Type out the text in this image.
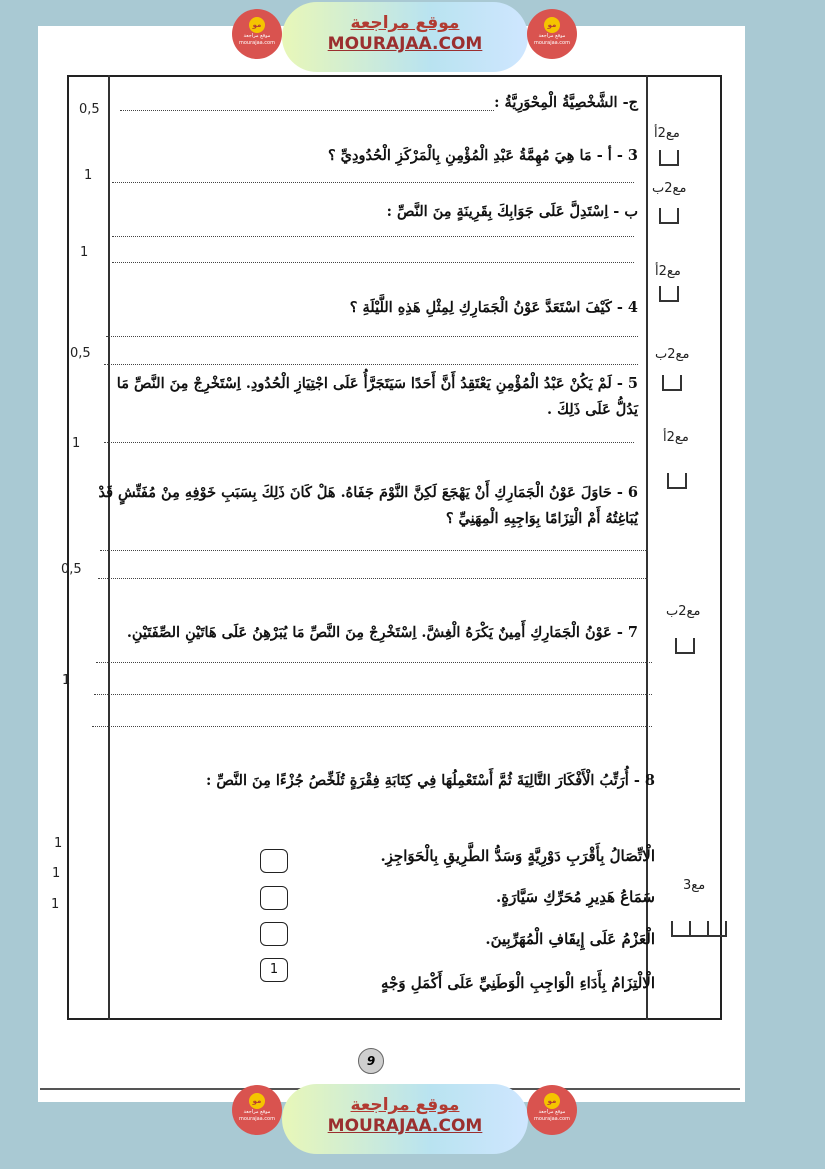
مو
موقع مراجعة
mourajaa.com
موقع مراجعة
MOURAJAA.COM
مو
موقع مراجعة
mourajaa.com
0,5
1
1
0,5
1
0,5
1
1
1
1
مع2أ
مع2ب
مع2أ
مع2ب
مع2أ
مع2ب
مع3
ج- الشَّخْصِيَّةُ الْمِحْوَرِيَّةُ :
3 - أ - مَا هِيَ مُهِمَّةُ عَبْدِ الْمُؤْمِنِ بِالْمَرْكَزِ الْحُدُودِيِّ ؟
ب - اِسْتَدِلَّ عَلَى جَوَابِكَ بِقَرِينَةٍ مِنَ النَّصِّ :
4 - كَيْفَ اسْتَعَدَّ عَوْنُ الْجَمَارِكِ لِمِثْلِ هَذِهِ اللَّيْلَةِ ؟
5 - لَمْ يَكُنْ عَبْدُ الْمُؤْمِنِ يَعْتَقِدُ أَنَّ أَحَدًا سَيَتَجَرَّأُ عَلَى اجْتِيَازِ الْحُدُودِ. اِسْتَخْرِجْ مِنَ النَّصِّ مَا يَدُلُّ عَلَى ذَلِكَ .
6 - حَاوَلَ عَوْنُ الْجَمَارِكِ أَنْ يَهْجَعَ لَكِنَّ النَّوْمَ جَفَاهُ. هَلْ كَانَ ذَلِكَ بِسَبَبِ خَوْفِهِ مِنْ مُفَتِّشٍ قَدْ يُبَاغِتُهُ أَمْ الْتِزَامًا بِوَاجِبِهِ الْمِهَنِيِّ ؟
7 - عَوْنُ الْجَمَارِكِ أَمِينٌ يَكْرَهُ الْغِشَّ. اِسْتَخْرِجْ مِنَ النَّصِّ مَا يُبَرْهِنُ عَلَى هَاتَيْنِ الصِّفَتَيْنِ.
8 - أُرَتِّبُ الْأَفْكَارَ التَّالِيَةَ ثُمَّ أَسْتَعْمِلُهَا فِي كِتَابَةِ فِقْرَةٍ تُلَخِّصُ جُزْءًا مِنَ النَّصِّ :
الْاتِّصَالُ بِأَقْرَبِ دَوْرِيَّةٍ وَسَدُّ الطَّرِيقِ بِالْحَوَاجِزِ.
سَمَاعُ هَدِيرِ مُحَرِّكِ سَيَّارَةٍ.
الْعَزْمُ عَلَى إِيقَافِ الْمُهَرِّبِينَ.
الْالْتِزَامُ بِأَدَاءِ الْوَاجِبِ الْوَطَنِيِّ عَلَى أَكْمَلِ وَجْهٍ
1
9
مو
موقع مراجعة
mourajaa.com
موقع مراجعة
MOURAJAA.COM
مو
موقع مراجعة
mourajaa.com
